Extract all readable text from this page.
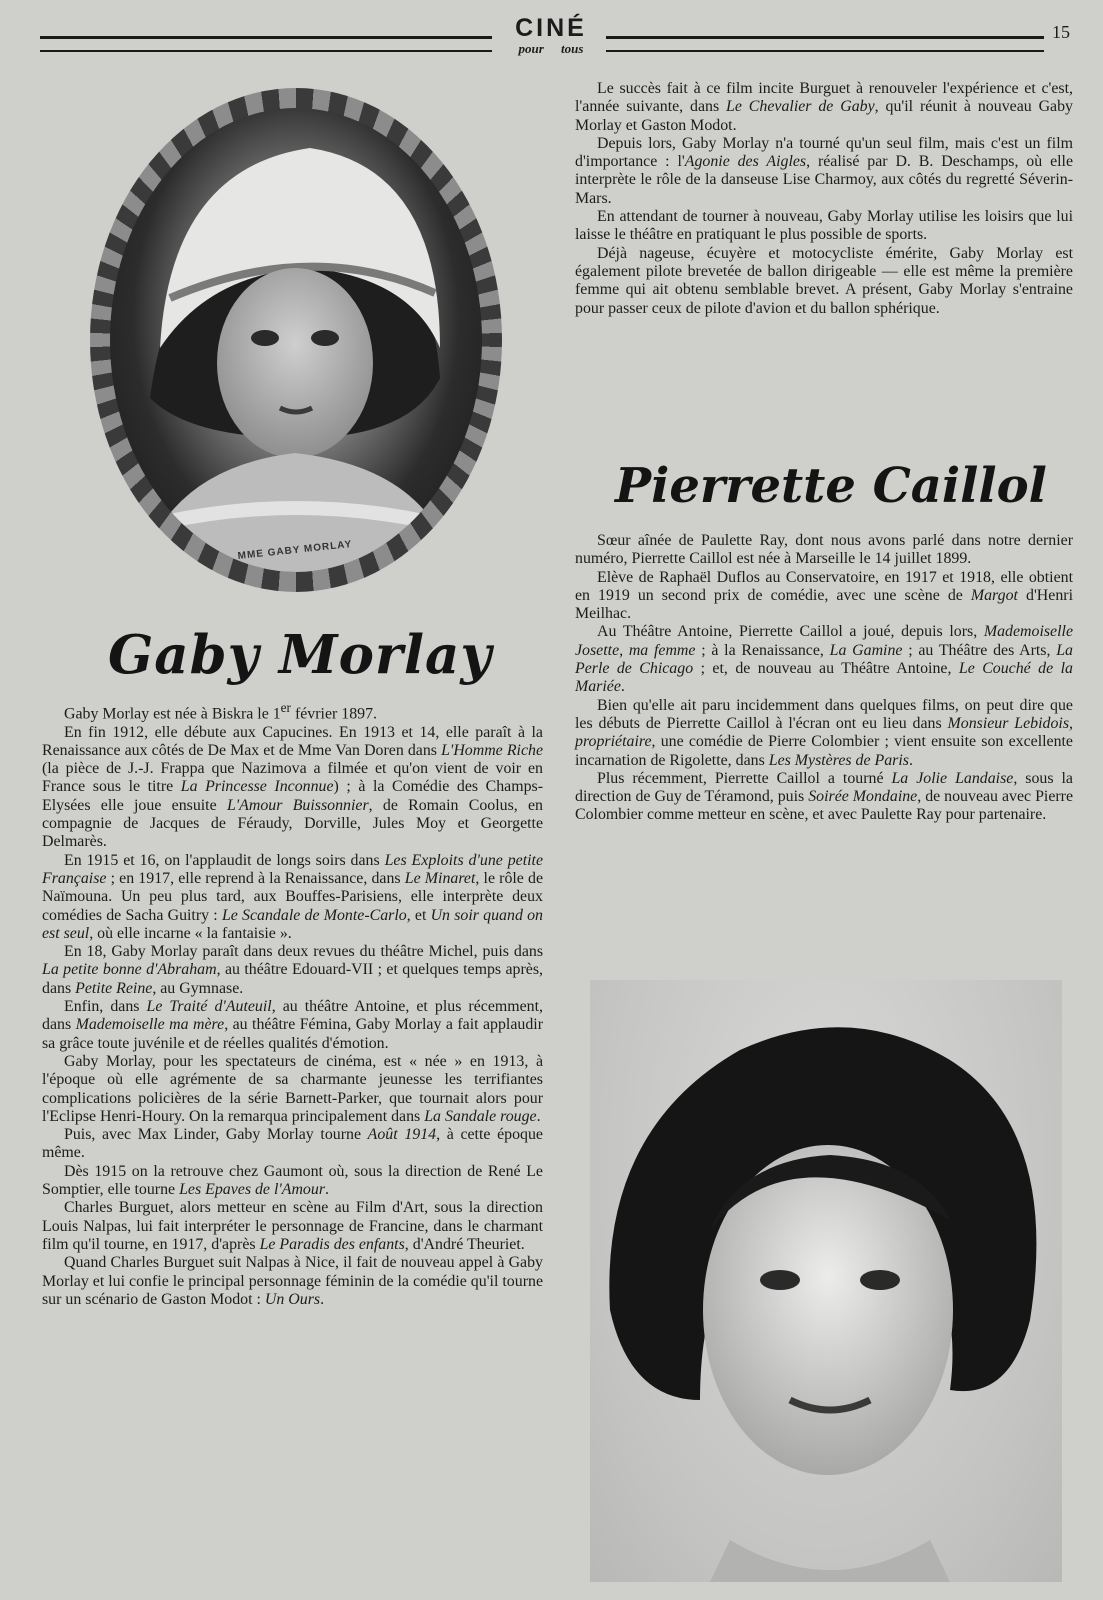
CINÉ
pour tous
15
MME GABY MORLAY
Gaby Morlay

Gaby Morlay est née à Biskra le 1er février 1897.

En fin 1912, elle débute aux Capucines. En 1913 et 14, elle paraît à la Renaissance aux côtés de De Max et de Mme Van Doren dans L'Homme Riche (la pièce de J.-J. Frappa que Nazimova a filmée et qu'on vient de voir en France sous le titre La Princesse Inconnue) ; à la Comédie des Champs-Elysées elle joue ensuite L'Amour Buissonnier, de Romain Coolus, en compagnie de Jacques de Féraudy, Dorville, Jules Moy et Georgette Delmarès.

En 1915 et 16, on l'applaudit de longs soirs dans Les Exploits d'une petite Française ; en 1917, elle reprend à la Renaissance, dans Le Minaret, le rôle de Naïmouna. Un peu plus tard, aux Bouffes-Parisiens, elle interprète deux comédies de Sacha Guitry : Le Scandale de Monte-Carlo, et Un soir quand on est seul, où elle incarne « la fantaisie ».

En 18, Gaby Morlay paraît dans deux revues du théâtre Michel, puis dans La petite bonne d'Abraham, au théâtre Edouard-VII ; et quelques temps après, dans Petite Reine, au Gymnase.

Enfin, dans Le Traité d'Auteuil, au théâtre Antoine, et plus récemment, dans Mademoiselle ma mère, au théâtre Fémina, Gaby Morlay a fait applaudir sa grâce toute juvénile et de réelles qualités d'émotion.

Gaby Morlay, pour les spectateurs de cinéma, est « née » en 1913, à l'époque où elle agrémente de sa charmante jeunesse les terrifiantes complications policières de la série Barnett-Parker, que tournait alors pour l'Eclipse Henri-Houry. On la remarqua principalement dans La Sandale rouge.

Puis, avec Max Linder, Gaby Morlay tourne Août 1914, à cette époque même.

Dès 1915 on la retrouve chez Gaumont où, sous la direction de René Le Somptier, elle tourne Les Epaves de l'Amour.

Charles Burguet, alors metteur en scène au Film d'Art, sous la direction Louis Nalpas, lui fait interpréter le personnage de Francine, dans le charmant film qu'il tourne, en 1917, d'après Le Paradis des enfants, d'André Theuriet.

Quand Charles Burguet suit Nalpas à Nice, il fait de nouveau appel à Gaby Morlay et lui confie le principal personnage féminin de la comédie qu'il tourne sur un scénario de Gaston Modot : Un Ours.

Le succès fait à ce film incite Burguet à renouveler l'expérience et c'est, l'année suivante, dans Le Chevalier de Gaby, qu'il réunit à nouveau Gaby Morlay et Gaston Modot.

Depuis lors, Gaby Morlay n'a tourné qu'un seul film, mais c'est un film d'importance : l'Agonie des Aigles, réalisé par D. B. Deschamps, où elle interprète le rôle de la danseuse Lise Charmoy, aux côtés du regretté Séverin-Mars.

En attendant de tourner à nouveau, Gaby Morlay utilise les loisirs que lui laisse le théâtre en pratiquant le plus possible de sports.

Déjà nageuse, écuyère et motocycliste émérite, Gaby Morlay est également pilote brevetée de ballon dirigeable — elle est même la première femme qui ait obtenu semblable brevet. A présent, Gaby Morlay s'entraine pour passer ceux de pilote d'avion et du ballon sphérique.

Pierrette Caillol

Sœur aînée de Paulette Ray, dont nous avons parlé dans notre dernier numéro, Pierrette Caillol est née à Marseille le 14 juillet 1899.

Elève de Raphaël Duflos au Conservatoire, en 1917 et 1918, elle obtient en 1919 un second prix de comédie, avec une scène de Margot d'Henri Meilhac.

Au Théâtre Antoine, Pierrette Caillol a joué, depuis lors, Mademoiselle Josette, ma femme ; à la Renaissance, La Gamine ; au Théâtre des Arts, La Perle de Chicago ; et, de nouveau au Théâtre Antoine, Le Couché de la Mariée.

Bien qu'elle ait paru incidemment dans quelques films, on peut dire que les débuts de Pierrette Caillol à l'écran ont eu lieu dans Monsieur Lebidois, propriétaire, une comédie de Pierre Colombier ; vient ensuite son excellente incarnation de Rigolette, dans Les Mystères de Paris.

Plus récemment, Pierrette Caillol a tourné La Jolie Landaise, sous la direction de Guy de Téramond, puis Soirée Mondaine, de nouveau avec Pierre Colombier comme metteur en scène, et avec Paulette Ray pour partenaire.
